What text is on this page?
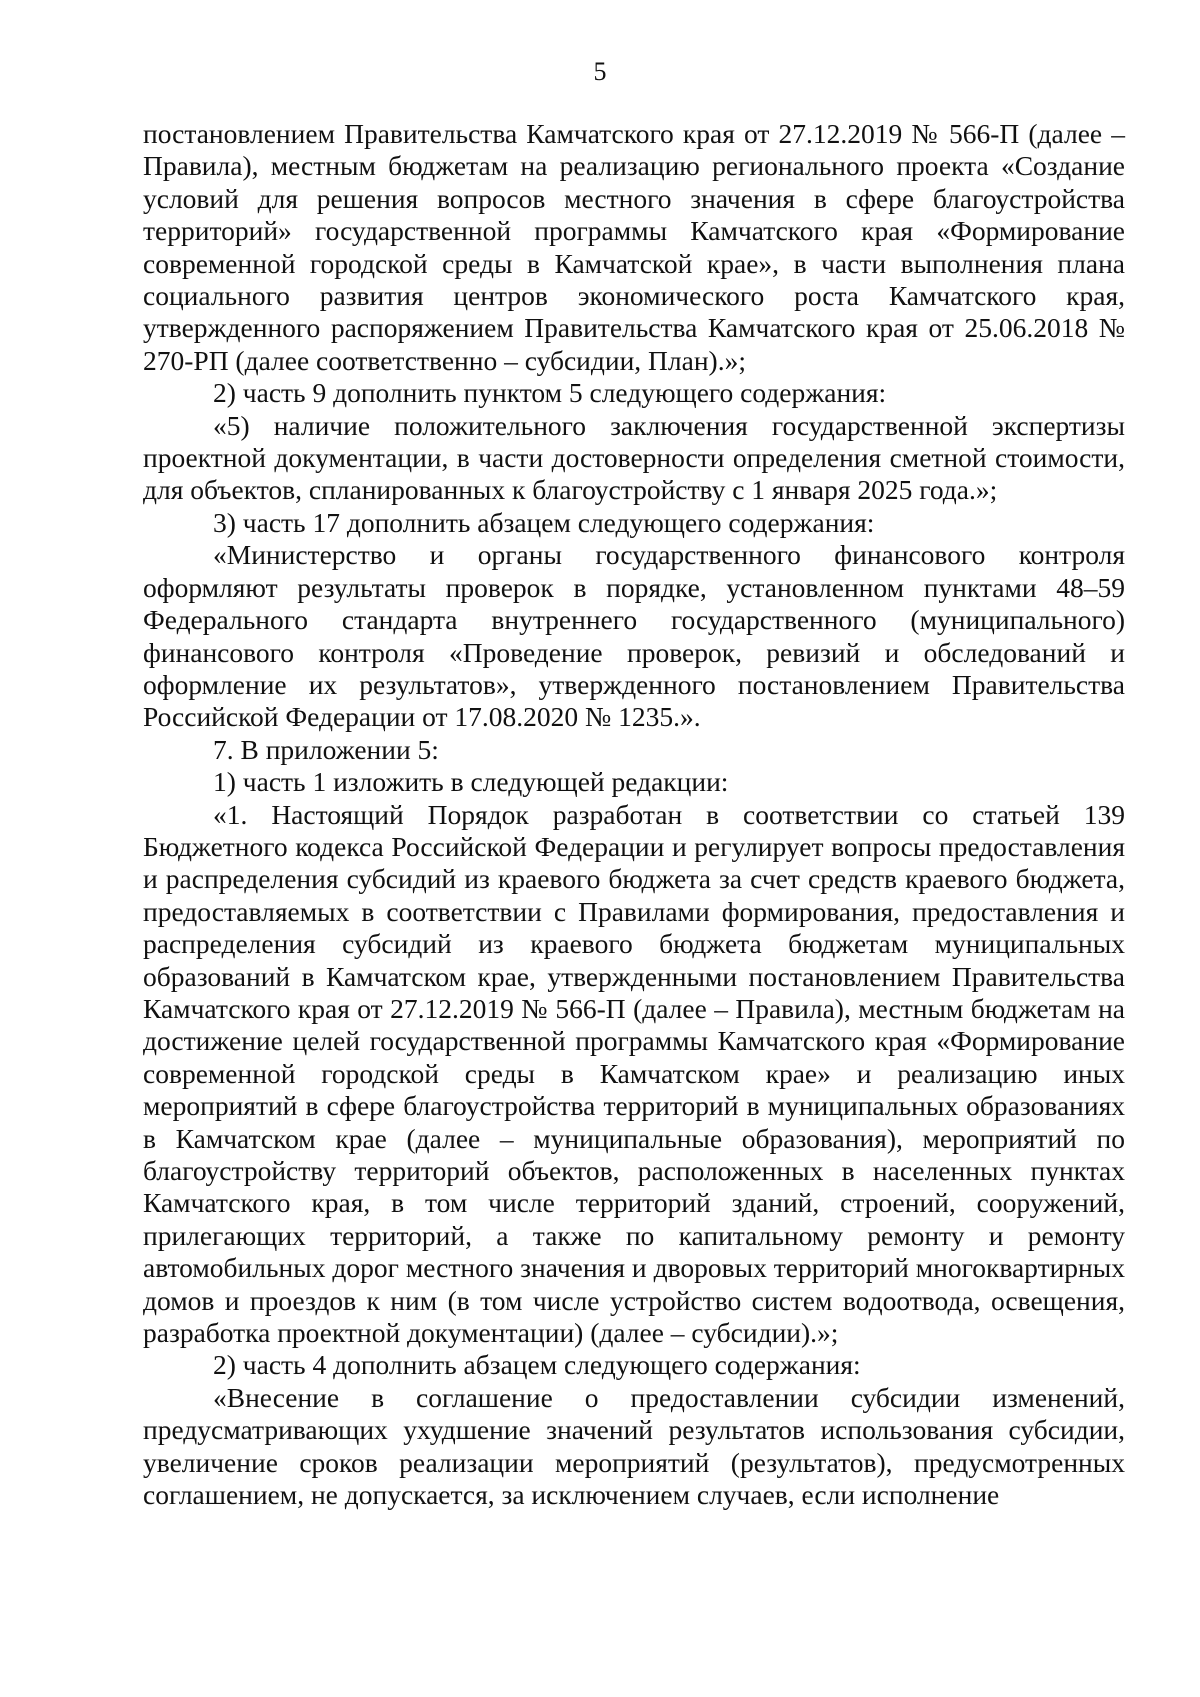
5

постановлением Правительства Камчатского края от 27.12.2019 № 566-П (далее – Правила), местным бюджетам на реализацию регионального проекта «Создание условий для решения вопросов местного значения в сфере благоустройства территорий» государственной программы Камчатского края «Формирование современной городской среды в Камчатской крае», в части выполнения плана социального развития центров экономического роста Камчатского края, утвержденного распоряжением Правительства Камчатского края от 25.06.2018 № 270-РП (далее соответственно – субсидии, План).»;

2) часть 9 дополнить пунктом 5 следующего содержания:

«5) наличие положительного заключения государственной экспертизы проектной документации, в части достоверности определения сметной стоимости, для объектов, спланированных к благоустройству с 1 января 2025 года.»;

3) часть 17 дополнить абзацем следующего содержания:

«Министерство и органы государственного финансового контроля оформляют результаты проверок в порядке, установленном пунктами 48–59 Федерального стандарта внутреннего государственного (муниципального) финансового контроля «Проведение проверок, ревизий и обследований и оформление их результатов», утвержденного постановлением Правительства Российской Федерации от 17.08.2020 № 1235.».

7. В приложении 5:

1) часть 1 изложить в следующей редакции:

«1. Настоящий Порядок разработан в соответствии со статьей 139 Бюджетного кодекса Российской Федерации и регулирует вопросы предоставления и распределения субсидий из краевого бюджета за счет средств краевого бюджета, предоставляемых в соответствии с Правилами формирования, предоставления и распределения субсидий из краевого бюджета бюджетам муниципальных образований в Камчатском крае, утвержденными постановлением Правительства Камчатского края от 27.12.2019 № 566-П (далее – Правила), местным бюджетам на достижение целей государственной программы Камчатского края «Формирование современной городской среды в Камчатском крае» и реализацию иных мероприятий в сфере благоустройства территорий в муниципальных образованиях в Камчатском крае (далее – муниципальные образования), мероприятий по благоустройству территорий объектов, расположенных в населенных пунктах Камчатского края, в том числе территорий зданий, строений, сооружений, прилегающих территорий, а также по капитальному ремонту и ремонту автомобильных дорог местного значения и дворовых территорий многоквартирных домов и проездов к ним (в том числе устройство систем водоотвода, освещения, разработка проектной документации) (далее – субсидии).»;

2) часть 4 дополнить абзацем следующего содержания:

«Внесение в соглашение о предоставлении субсидии изменений, предусматривающих ухудшение значений результатов использования субсидии, увеличение сроков реализации мероприятий (результатов), предусмотренных соглашением, не допускается, за исключением случаев, если исполнение
